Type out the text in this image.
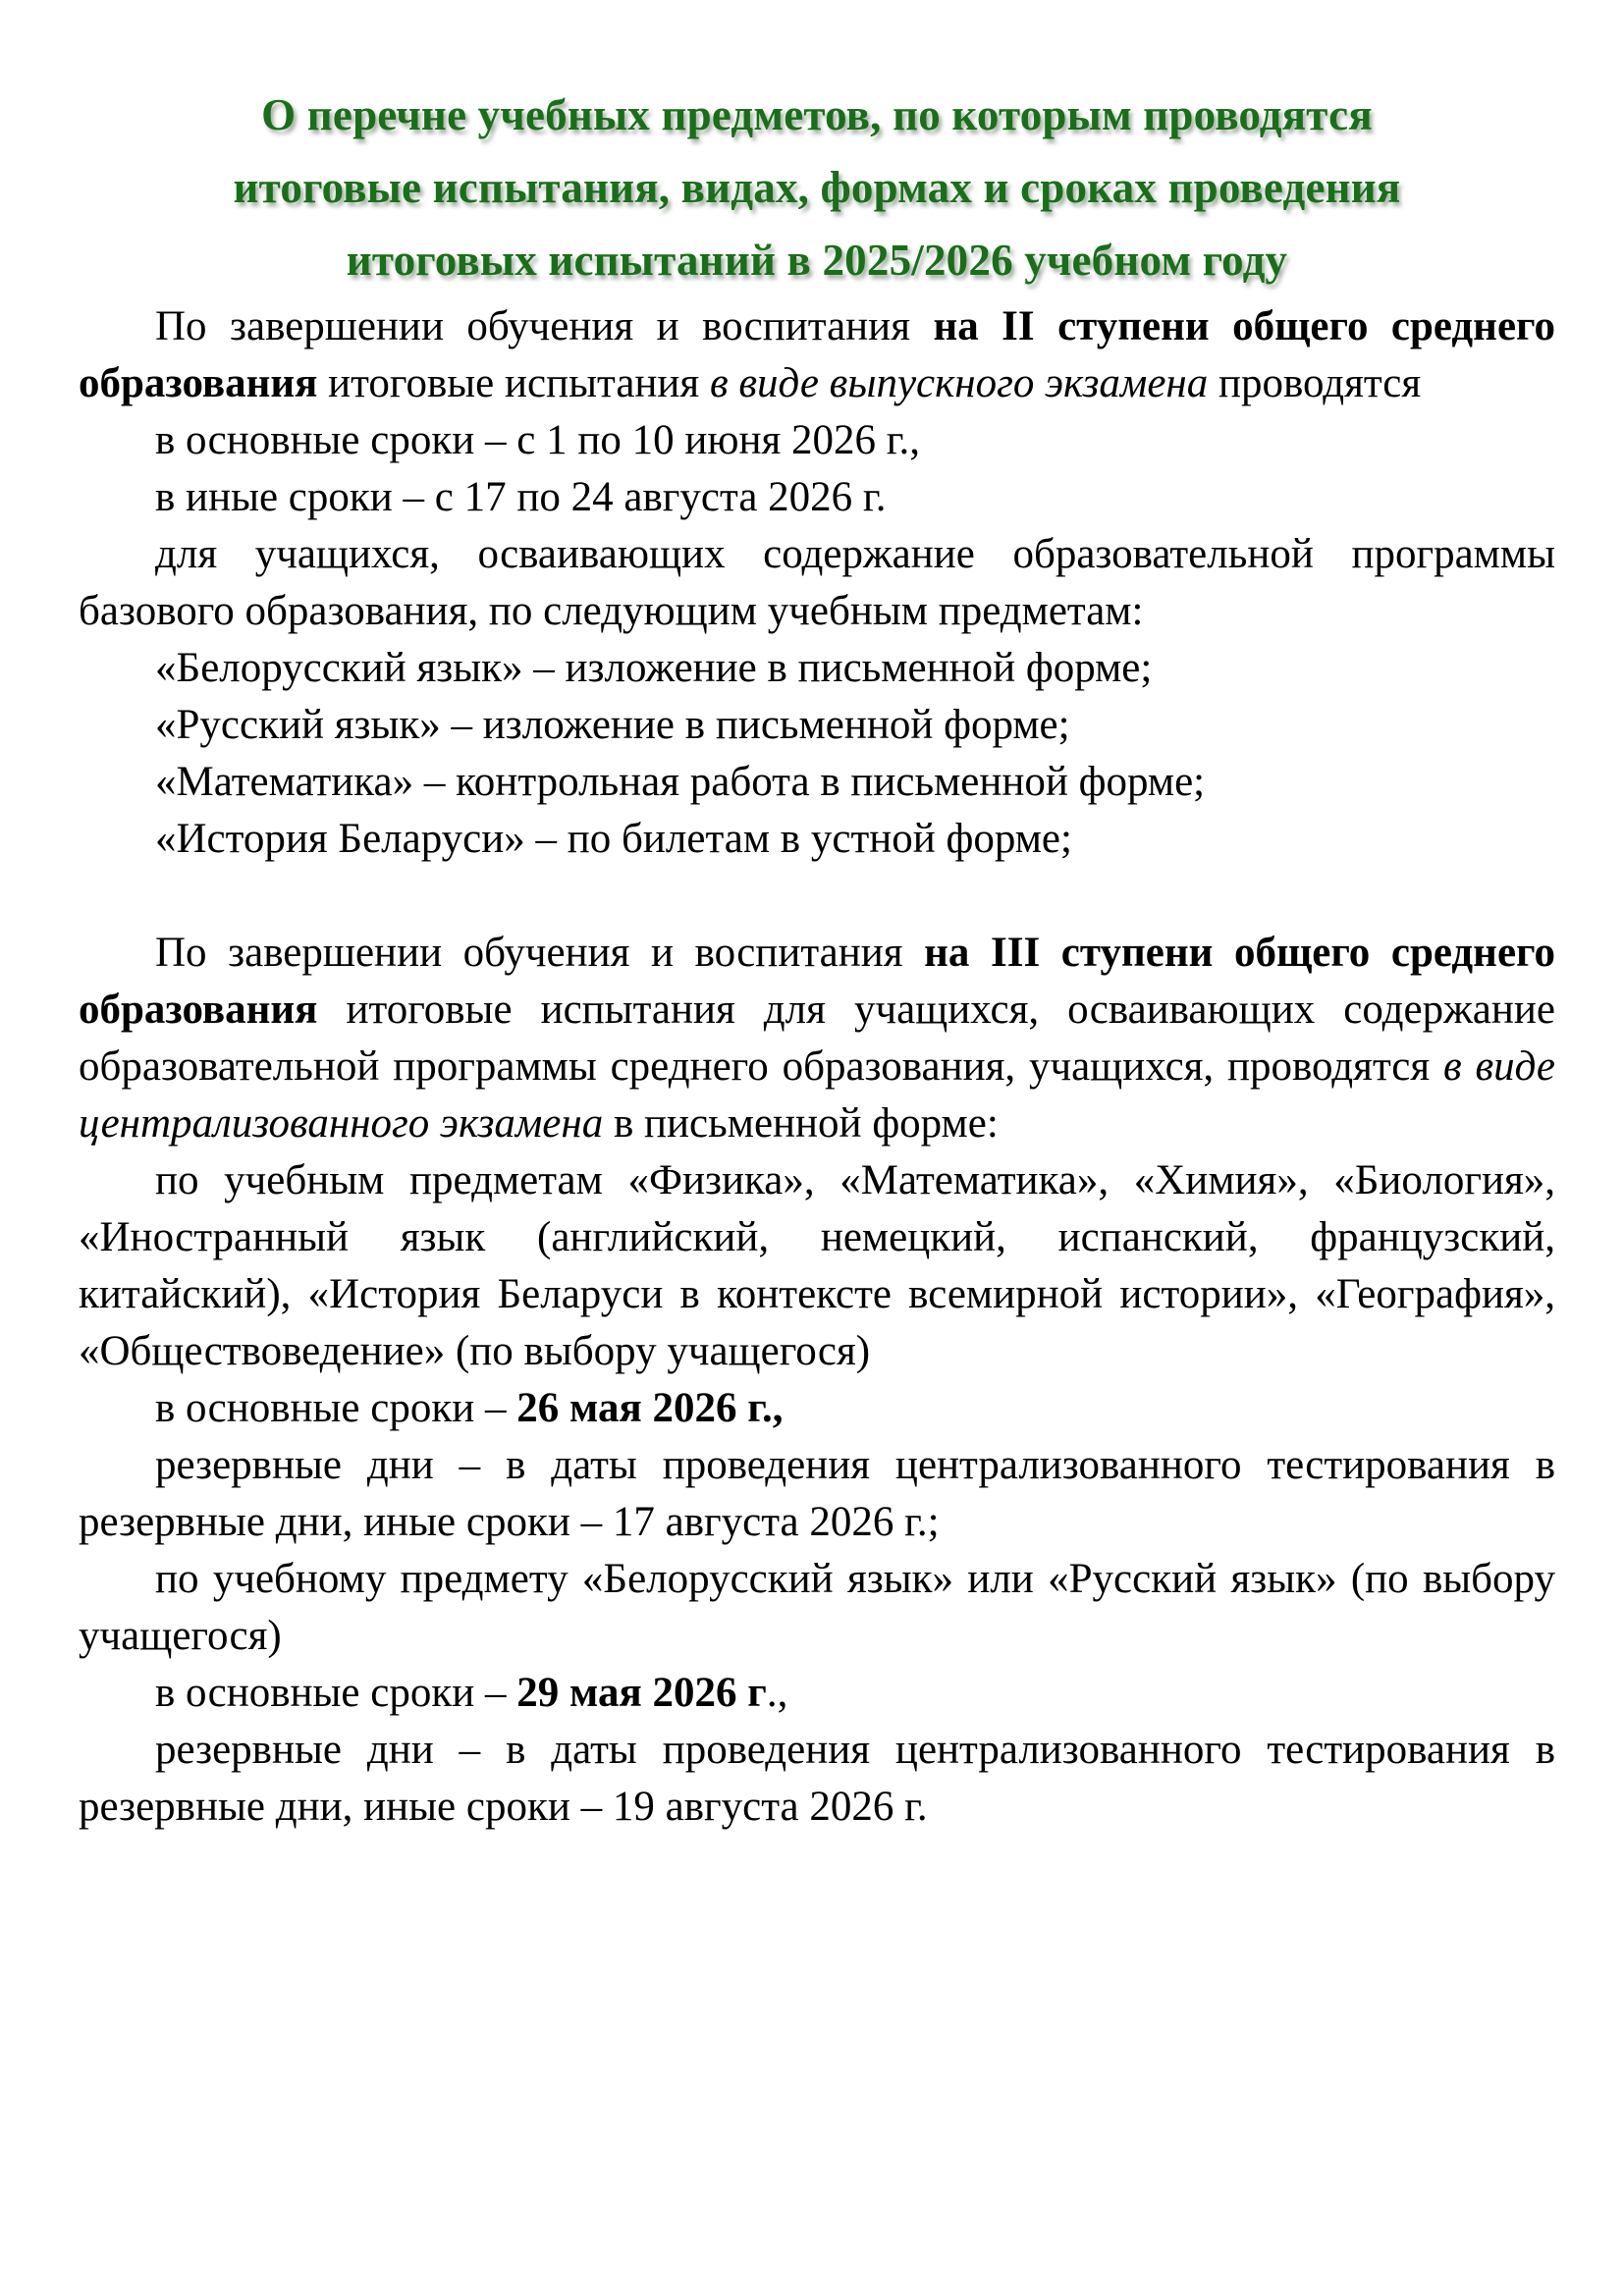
О перечне учебных предметов, по которым проводятся
итоговые испытания, видах, формах и сроках проведения
итоговых испытаний в 2025/2026 учебном году

По завершении обучения и воспитания на II ступени общего среднего образования итоговые испытания в виде выпускного экзамена проводятся

в основные сроки – с 1 по 10 июня 2026 г.,

в иные сроки – с 17 по 24 августа 2026 г.

для учащихся, осваивающих содержание образовательной программы базового образования, по следующим учебным предметам:

«Белорусский язык» – изложение в письменной форме;

«Русский язык» – изложение в письменной форме;

«Математика» – контрольная работа в письменной форме;

«История Беларуси» – по билетам в устной форме;

По завершении обучения и воспитания на III ступени общего среднего образования итоговые испытания для учащихся, осваивающих содержание образовательной программы среднего образования, учащихся, проводятся в виде централизованного экзамена в письменной форме:

по учебным предметам «Физика», «Математика», «Химия», «Биология», «Иностранный язык (английский, немецкий, испанский, французский, китайский), «История Беларуси в контексте всемирной истории», «География», «Обществоведение» (по выбору учащегося)

в основные сроки – 26 мая 2026 г.,

резервные дни – в даты проведения централизованного тестирования в резервные дни, иные сроки – 17 августа 2026 г.;

по учебному предмету «Белорусский язык» или «Русский язык» (по выбору учащегося)

в основные сроки – 29 мая 2026 г.,

резервные дни – в даты проведения централизованного тестирования в резервные дни, иные сроки – 19 августа 2026 г.
